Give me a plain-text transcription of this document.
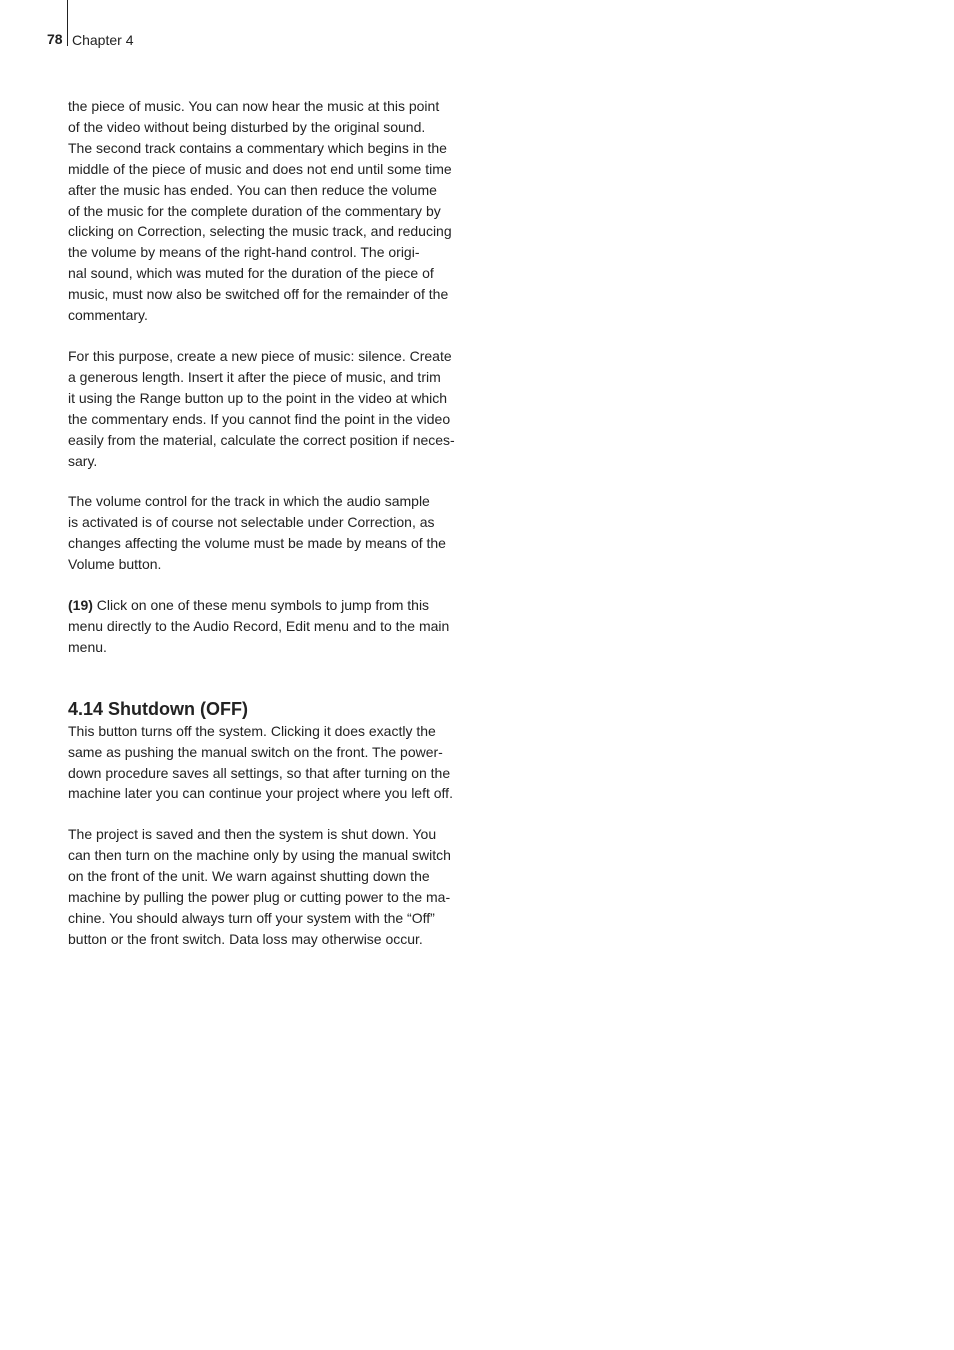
78 Chapter 4

the piece of music. You can now hear the music at this point
of the video without being disturbed by the original sound.
The second track contains a commentary which begins in the
middle of the piece of music and does not end until some time
after the music has ended. You can then reduce the volume
of the music for the complete duration of the commentary by
clicking on Correction, selecting the music track, and reducing
the volume by means of the right-hand control. The origi-
nal sound, which was muted for the duration of the piece of
music, must now also be switched off for the remainder of the
commentary.

For this purpose, create a new piece of music: silence. Create
a generous length. Insert it after the piece of music, and trim
it using the Range button up to the point in the video at which
the commentary ends. If you cannot find the point in the video
easily from the material, calculate the correct position if neces-
sary.

The volume control for the track in which the audio sample
is activated is of course not selectable under Correction, as
changes affecting the volume must be made by means of the
Volume button.

(19) Click on one of these menu symbols to jump from this
menu directly to the Audio Record, Edit menu and to the main
menu.

4.14 Shutdown (OFF)

This button turns off the system. Clicking it does exactly the
same as pushing the manual switch on the front. The power-
down procedure saves all settings, so that after turning on the
machine later you can continue your project where you left off.

The project is saved and then the system is shut down. You
can then turn on the machine only by using the manual switch
on the front of the unit. We warn against shutting down the
machine by pulling the power plug or cutting power to the ma-
chine. You should always turn off your system with the “Off”
button or the front switch. Data loss may otherwise occur.
